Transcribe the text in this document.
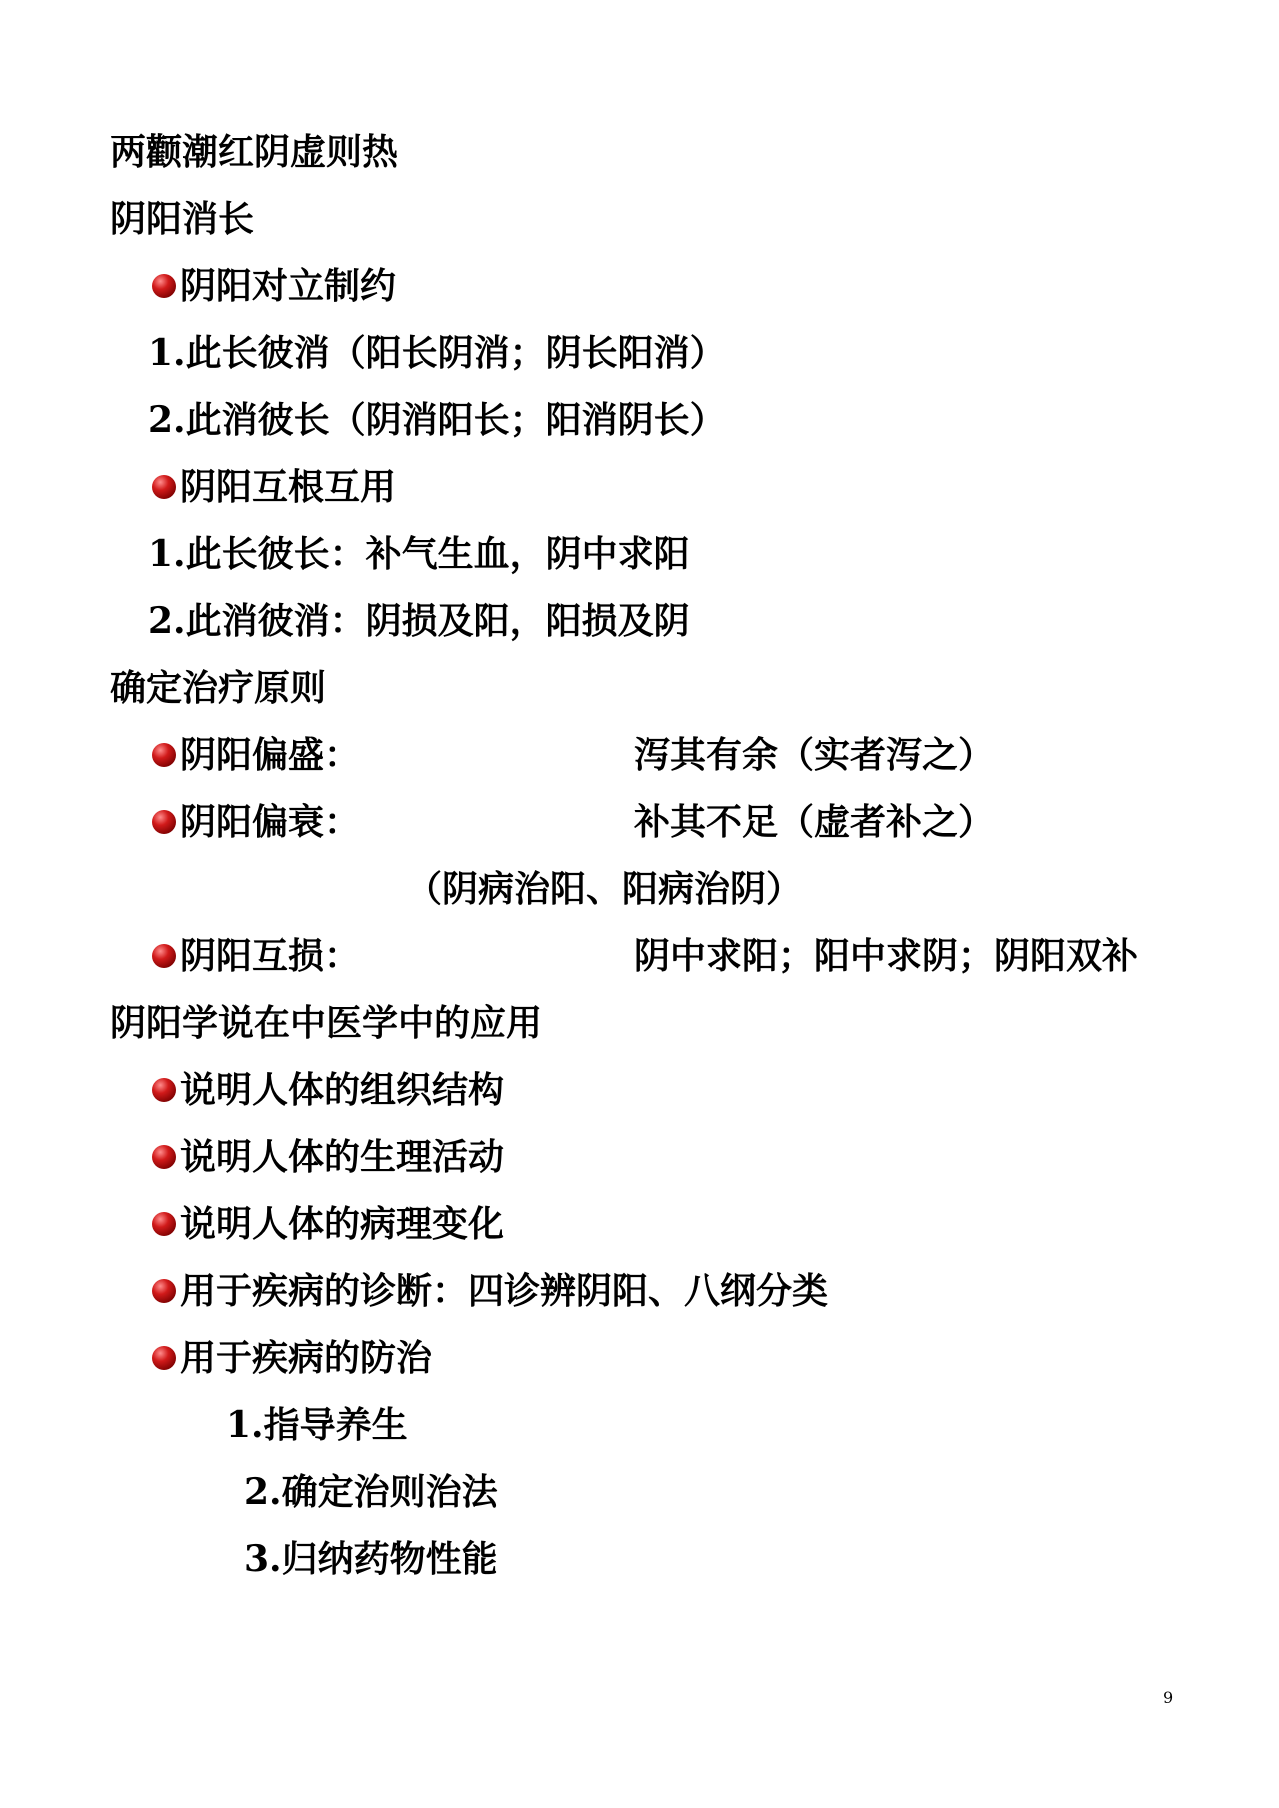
两颧潮红阴虚则热
阴阳消长
阴阳对立制约
1.此长彼消（阳长阴消；阴长阳消）
2.此消彼长（阴消阳长；阳消阴长）
阴阳互根互用
1.此长彼长：补气生血，阴中求阳
2.此消彼消：阴损及阳，阳损及阴
确定治疗原则
阴阳偏盛：	泻其有余（实者泻之）
阴阳偏衰：	补其不足（虚者补之）
（阴病治阳、阳病治阴）
阴阳互损：	阴中求阳；阳中求阴；阴阳双补
阴阳学说在中医学中的应用
说明人体的组织结构
说明人体的生理活动
说明人体的病理变化
用于疾病的诊断：四诊辨阴阳、八纲分类
用于疾病的防治
1.指导养生
2.确定治则治法
3.归纳药物性能
9
